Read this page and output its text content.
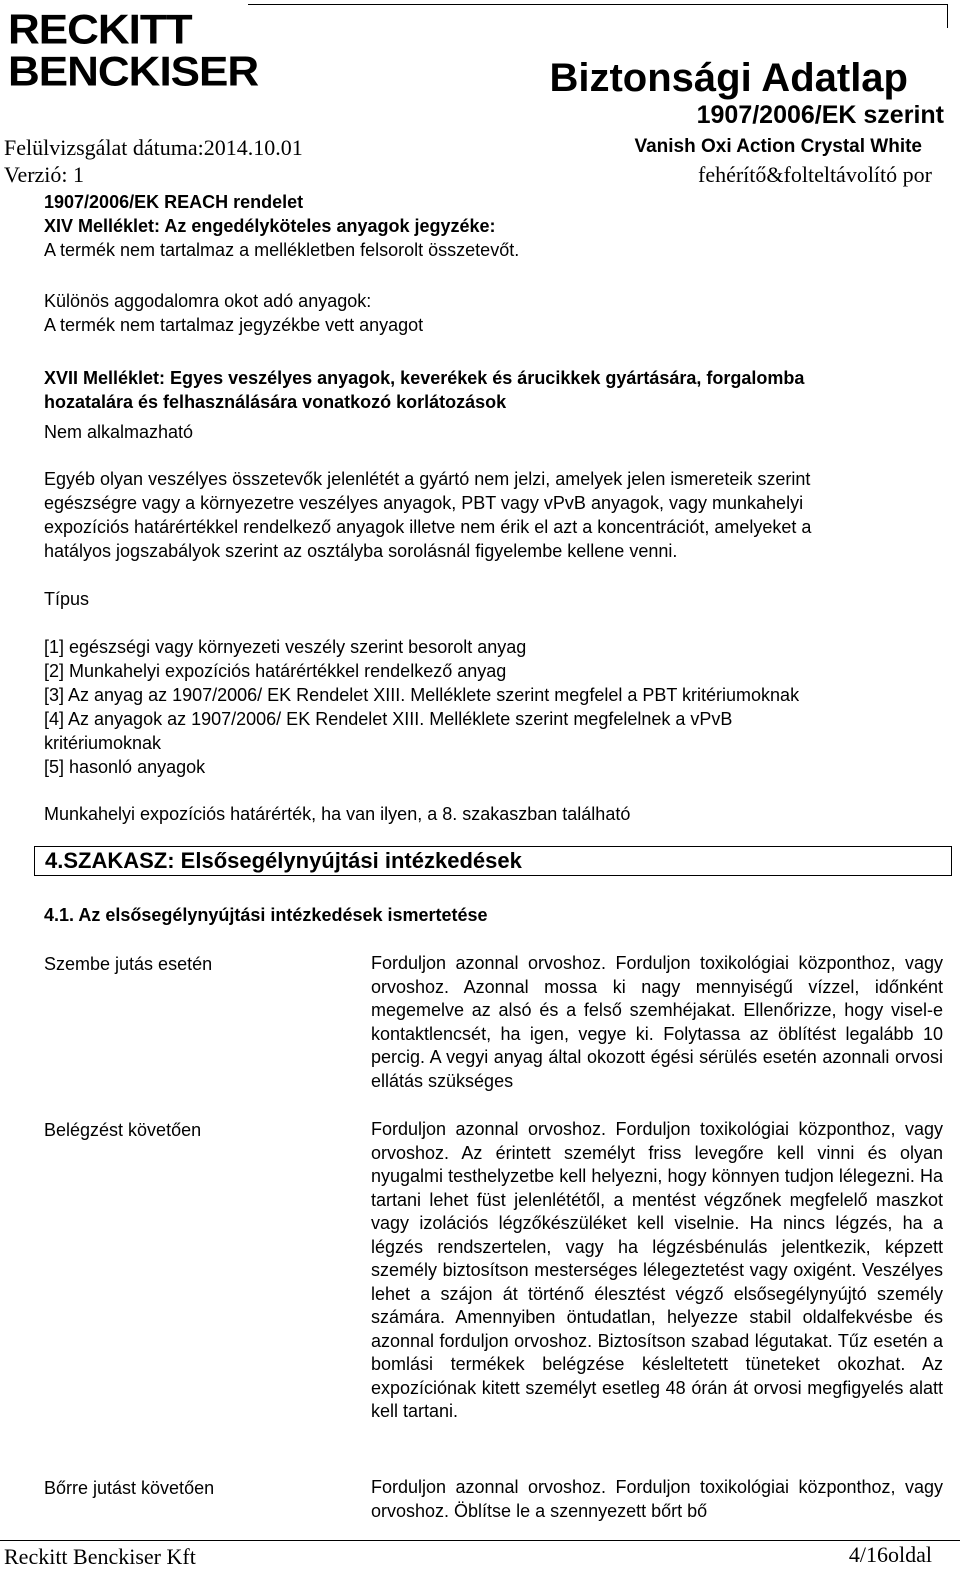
RECKITT
BENCKISER	Biztonsági Adatlap
1907/2006/EK szerint
Vanish Oxi Action Crystal White
fehérítő&folteltávolító por
Felülvizsgálat dátuma:2014.10.01
Verzió: 1
1907/2006/EK REACH rendelet
XIV Melléklet: Az engedélyköteles anyagok jegyzéke:
A termék nem tartalmaz a mellékletben felsorolt összetevőt.
Különös aggodalomra okot adó anyagok:
A termék nem tartalmaz jegyzékbe vett anyagot
XVII Melléklet: Egyes veszélyes anyagok, keverékek és árucikkek gyártására, forgalomba
hozatalára és felhasználására vonatkozó korlátozások
Nem alkalmazható
Egyéb olyan veszélyes összetevők jelenlétét a gyártó nem jelzi, amelyek jelen ismereteik szerint
egészségre vagy a környezetre veszélyes anyagok, PBT vagy vPvB anyagok, vagy munkahelyi
expozíciós határértékkel rendelkező anyagok illetve nem érik el azt a koncentrációt, amelyeket a
hatályos jogszabályok szerint az osztályba sorolásnál figyelembe kellene venni.
Típus
[1] egészségi vagy környezeti veszély szerint besorolt anyag
[2] Munkahelyi expozíciós határértékkel rendelkező anyag
[3] Az anyag az 1907/2006/ EK Rendelet XIII. Melléklete szerint megfelel a PBT kritériumoknak
[4] Az anyagok az 1907/2006/ EK Rendelet XIII. Melléklete szerint megfelelnek a vPvB
kritériumoknak
[5] hasonló anyagok
Munkahelyi expozíciós határérték, ha van ilyen, a 8. szakaszban található
4.SZAKASZ: Elsősegélynyújtási intézkedések
4.1. Az elsősegélynyújtási intézkedések ismertetése
Szembe jutás esetén	Forduljon azonnal orvoshoz. Forduljon toxikológiai központhoz, vagy orvoshoz. Azonnal mossa ki nagy mennyiségű vízzel, időnként megemelve az alsó és a felső szemhéjakat. Ellenőrizze, hogy visel-e kontaktlencsét, ha igen, vegye ki. Folytassa az öblítést legalább 10 percig. A vegyi anyag által okozott égési sérülés esetén azonnali orvosi ellátás szükséges
Belégzést követően	Forduljon azonnal orvoshoz. Forduljon toxikológiai központhoz, vagy orvoshoz. Az érintett személyt friss levegőre kell vinni és olyan nyugalmi testhelyzetbe kell helyezni, hogy könnyen tudjon lélegezni. Ha tartani lehet füst jelenlététől, a mentést végzőnek megfelelő maszkot vagy izolációs légzőkészüléket kell viselnie. Ha nincs légzés, ha a légzés rendszertelen, vagy ha légzésbénulás jelentkezik, képzett személy biztosítson mesterséges lélegeztetést vagy oxigént. Veszélyes lehet a szájon át történő élesztést végző elsősegélynyújtó személy számára. Amennyiben öntudatlan, helyezze stabil oldalfekvésbe és azonnal forduljon orvoshoz. Biztosítson szabad légutakat. Tűz esetén a bomlási termékek belégzése késleltetett tüneteket okozhat. Az expozíciónak kitett személyt esetleg 48 órán át orvosi megfigyelés alatt kell tartani.
Bőrre jutást követően	Forduljon azonnal orvoshoz. Forduljon toxikológiai központhoz, vagy orvoshoz. Öblítse le a szennyezett bőrt bő
Reckitt Benckiser Kft	4/16oldal
